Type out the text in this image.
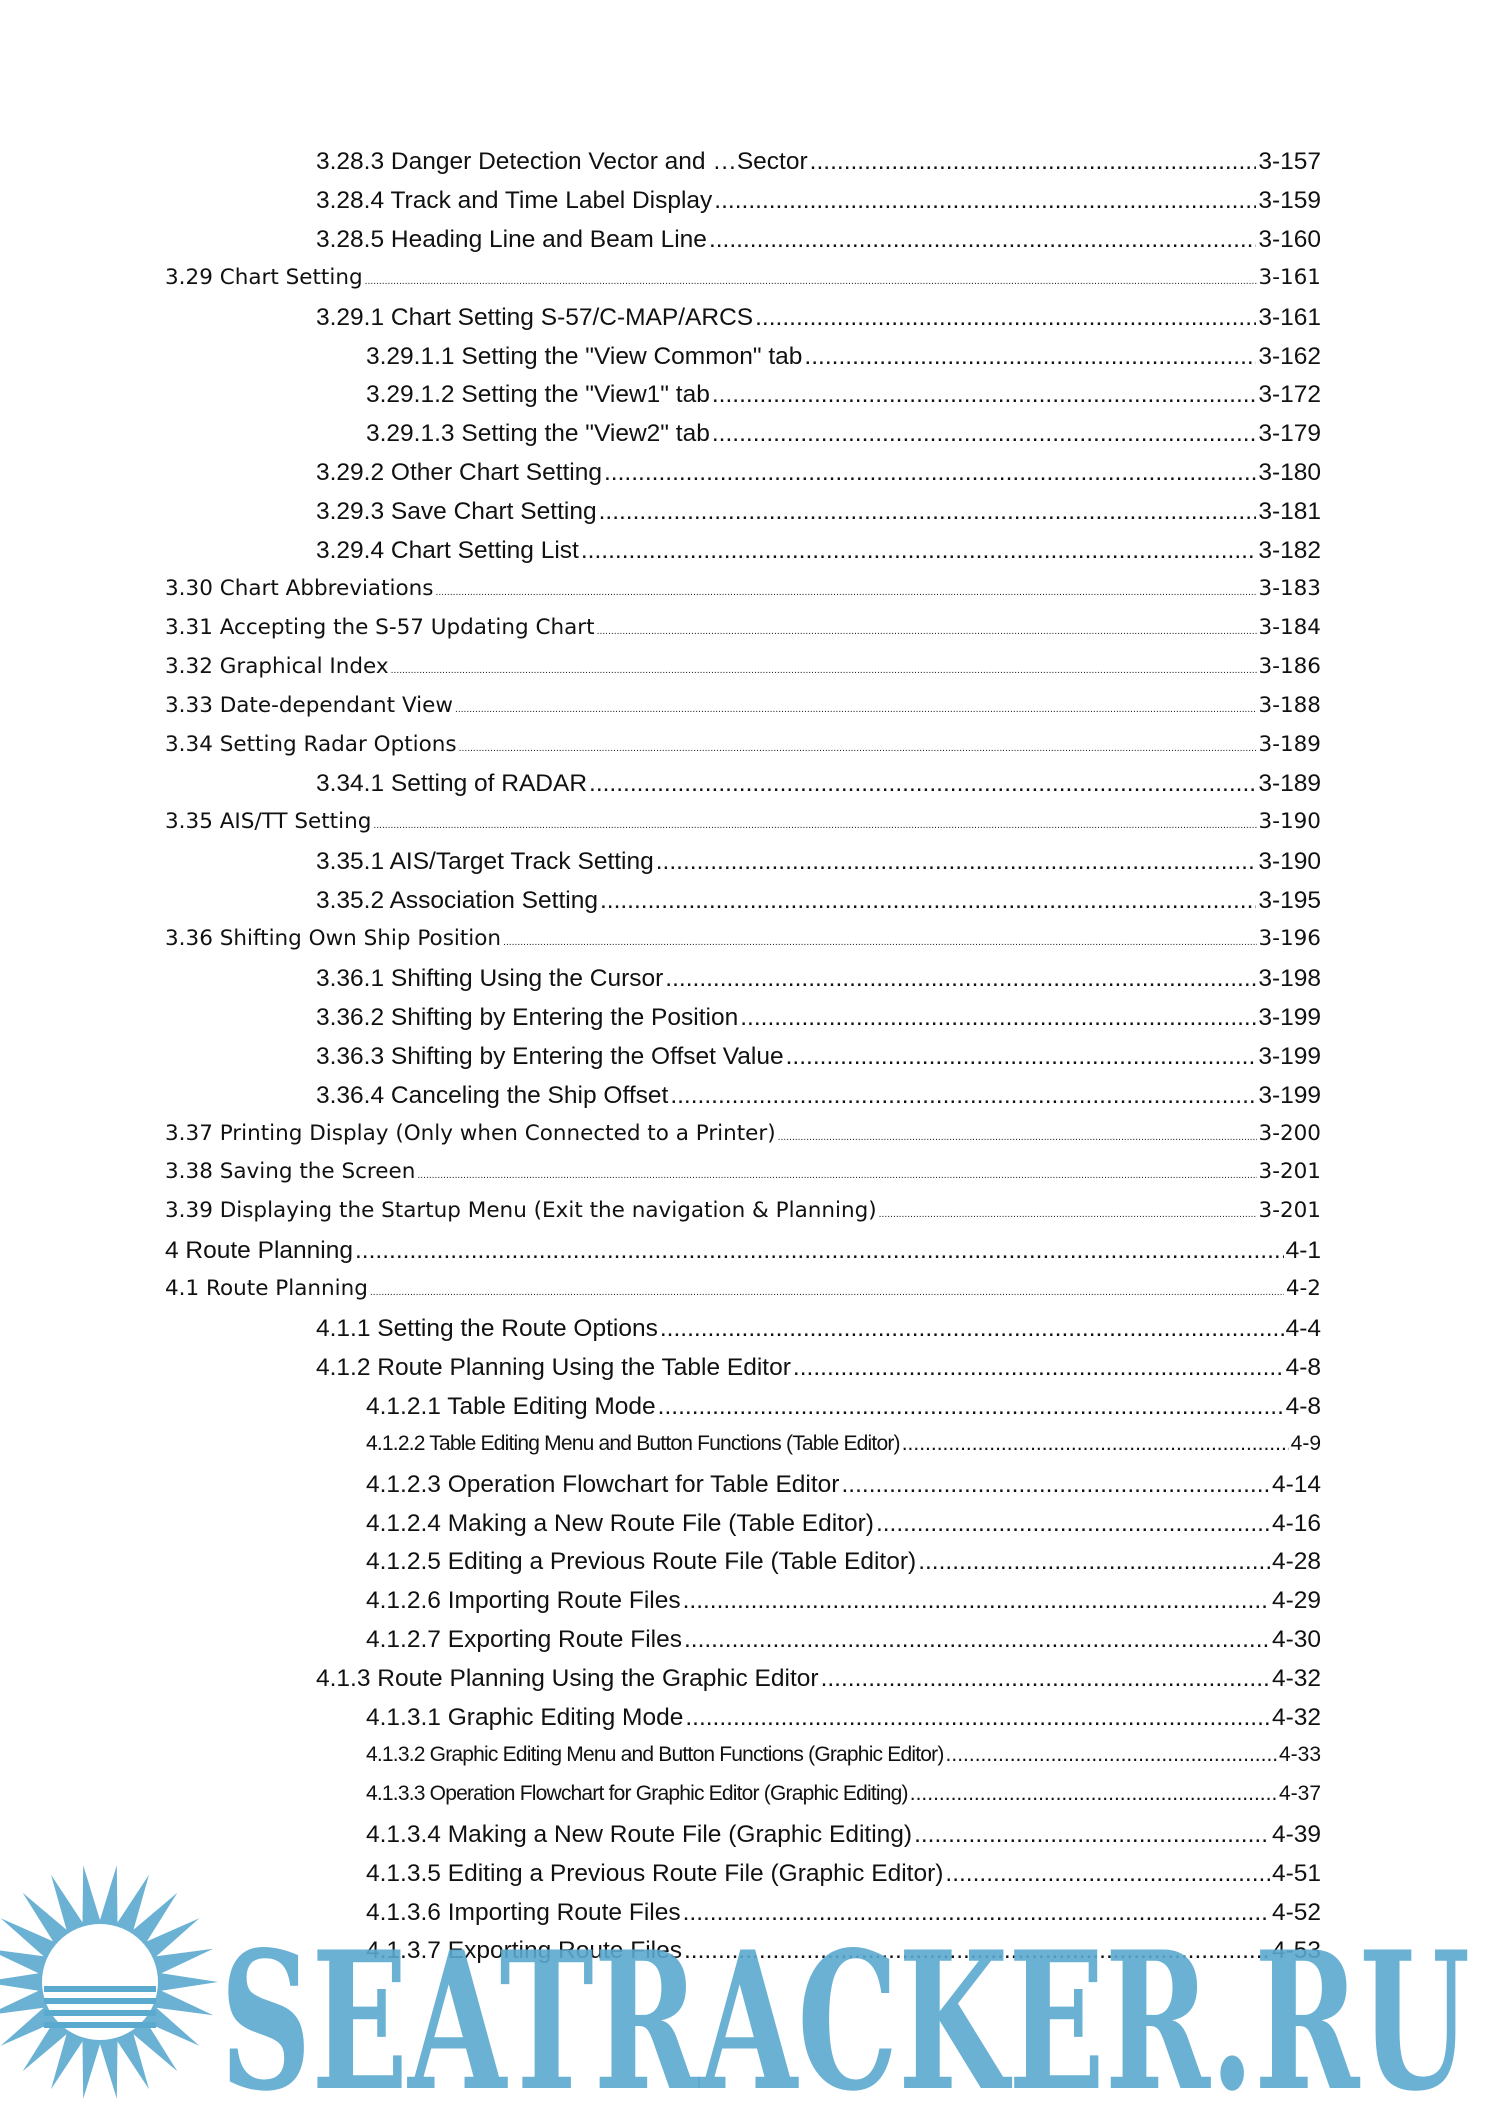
3.28.3 Danger Detection Vector and …Sector .....	3-157
3.28.4 Track and Time Label Display .....	3-159
3.28.5 Heading Line and Beam Line .....	3-160
3.29 Chart Setting .....	3-161
3.29.1 Chart Setting S-57/C-MAP/ARCS .....	3-161
3.29.1.1 Setting the "View Common" tab .....	3-162
3.29.1.2 Setting the "View1" tab .....	3-172
3.29.1.3 Setting the "View2" tab .....	3-179
3.29.2 Other Chart Setting .....	3-180
3.29.3 Save Chart Setting .....	3-181
3.29.4 Chart Setting List .....	3-182
3.30 Chart Abbreviations .....	3-183
3.31 Accepting the S-57 Updating Chart .....	3-184
3.32 Graphical Index .....	3-186
3.33 Date-dependant View .....	3-188
3.34 Setting Radar Options .....	3-189
3.34.1 Setting of RADAR .....	3-189
3.35 AIS/TT Setting .....	3-190
3.35.1 AIS/Target Track Setting .....	3-190
3.35.2 Association Setting .....	3-195
3.36 Shifting Own Ship Position .....	3-196
3.36.1 Shifting Using the Cursor .....	3-198
3.36.2 Shifting by Entering the Position .....	3-199
3.36.3 Shifting by Entering the Offset Value .....	3-199
3.36.4 Canceling the Ship Offset .....	3-199
3.37 Printing Display (Only when Connected to a Printer) .....	3-200
3.38 Saving the Screen .....	3-201
3.39 Displaying the Startup Menu (Exit the navigation & Planning) .....	3-201
4 Route Planning .....	4-1
4.1 Route Planning .....	4-2
4.1.1 Setting the Route Options .....	4-4
4.1.2 Route Planning Using the Table Editor .....	4-8
4.1.2.1 Table Editing Mode .....	4-8
4.1.2.2 Table Editing Menu and Button Functions (Table Editor) .....	4-9
4.1.2.3 Operation Flowchart for Table Editor .....	4-14
4.1.2.4 Making a New Route File (Table Editor) .....	4-16
4.1.2.5 Editing a Previous Route File (Table Editor) .....	4-28
4.1.2.6 Importing Route Files .....	4-29
4.1.2.7 Exporting Route Files .....	4-30
4.1.3 Route Planning Using the Graphic Editor .....	4-32
4.1.3.1 Graphic Editing Mode .....	4-32
4.1.3.2 Graphic Editing Menu and Button Functions (Graphic Editor) .....	4-33
4.1.3.3 Operation Flowchart for Graphic Editor (Graphic Editing) .....	4-37
4.1.3.4 Making a New Route File (Graphic Editing) .....	4-39
4.1.3.5 Editing a Previous Route File (Graphic Editor) .....	4-51
4.1.3.6 Importing Route Files .....	4-52
4.1.3.7 Exporting Route Files .....	4-53
SEATRACKER.RU
